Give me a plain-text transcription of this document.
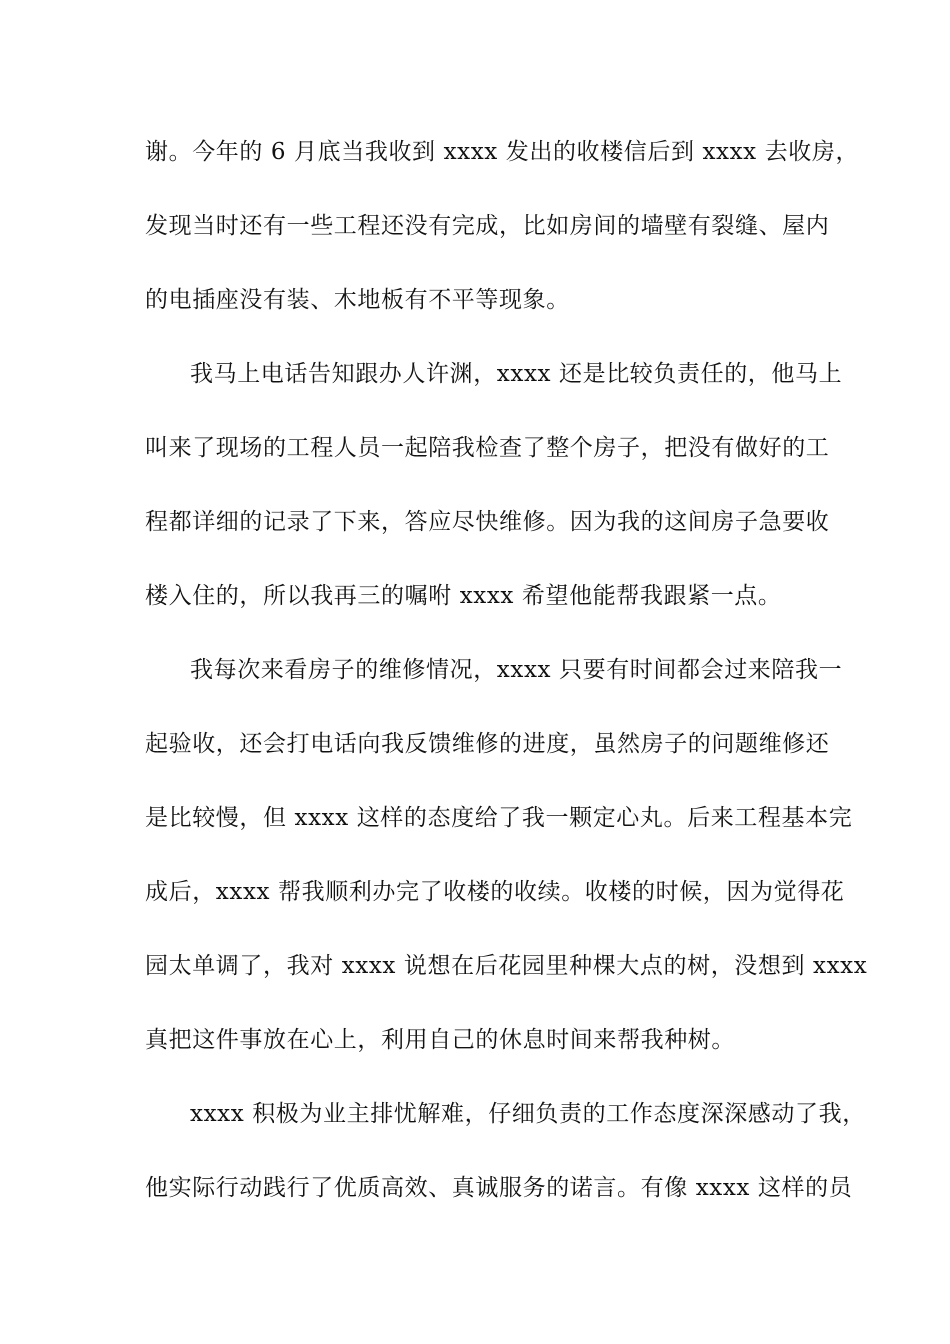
谢。今年的 6 月底当我收到 xxxx 发出的收楼信后到 xxxx 去收房，
发现当时还有一些工程还没有完成，比如房间的墙壁有裂缝、屋内
的电插座没有装、木地板有不平等现象。
我马上电话告知跟办人许渊，xxxx 还是比较负责任的，他马上
叫来了现场的工程人员一起陪我检查了整个房子，把没有做好的工
程都详细的记录了下来，答应尽快维修。因为我的这间房子急要收
楼入住的，所以我再三的嘱咐 xxxx 希望他能帮我跟紧一点。
我每次来看房子的维修情况，xxxx 只要有时间都会过来陪我一
起验收，还会打电话向我反馈维修的进度，虽然房子的问题维修还
是比较慢，但 xxxx 这样的态度给了我一颗定心丸。后来工程基本完
成后，xxxx 帮我顺利办完了收楼的收续。收楼的时候，因为觉得花
园太单调了，我对 xxxx 说想在后花园里种棵大点的树，没想到 xxxx
真把这件事放在心上，利用自己的休息时间来帮我种树。
xxxx 积极为业主排忧解难，仔细负责的工作态度深深感动了我，
他实际行动践行了优质高效、真诚服务的诺言。有像 xxxx 这样的员
